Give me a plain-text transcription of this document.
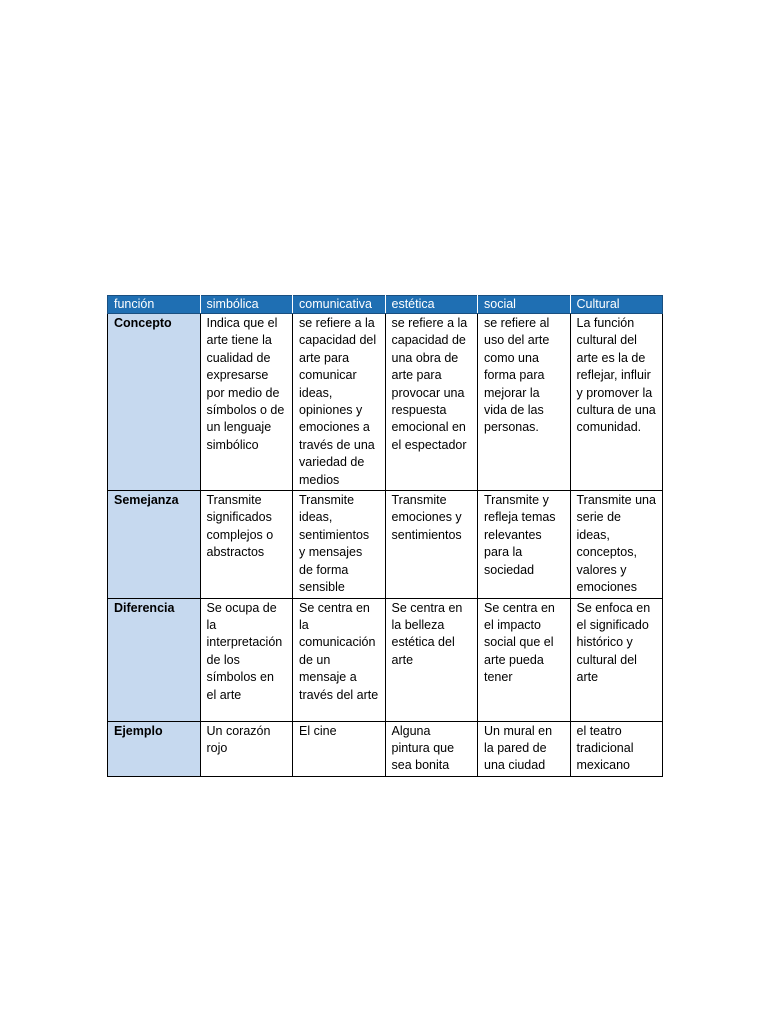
función	simbólica	comunicativa	estética	social	Cultural
Concepto	Indica que el arte tiene la cualidad de expresarse por medio de símbolos o de un lenguaje simbólico	se refiere a la capacidad del arte para comunicar ideas, opiniones y emociones a través de una variedad de medios	se refiere a la capacidad de una obra de arte para provocar una respuesta emocional en el espectador	se refiere al uso del arte como una forma para mejorar la vida de las personas.	La función cultural del arte es la de reflejar, influir y promover la cultura de una comunidad.
Semejanza	Transmite significados complejos o abstractos	Transmite ideas, sentimientos y mensajes de forma sensible	Transmite emociones y sentimientos	Transmite y refleja temas relevantes para la sociedad	Transmite una serie de ideas, conceptos, valores y emociones
Diferencia	Se ocupa de la interpretación de los símbolos en el arte	Se centra en la comunicación de un mensaje a través del arte	Se centra en la belleza estética del arte	Se centra en el impacto social que el arte pueda tener	Se enfoca en el significado histórico y cultural del arte
Ejemplo	Un corazón rojo	El cine	Alguna pintura que sea bonita	Un mural en la pared de una ciudad	el teatro tradicional mexicano
